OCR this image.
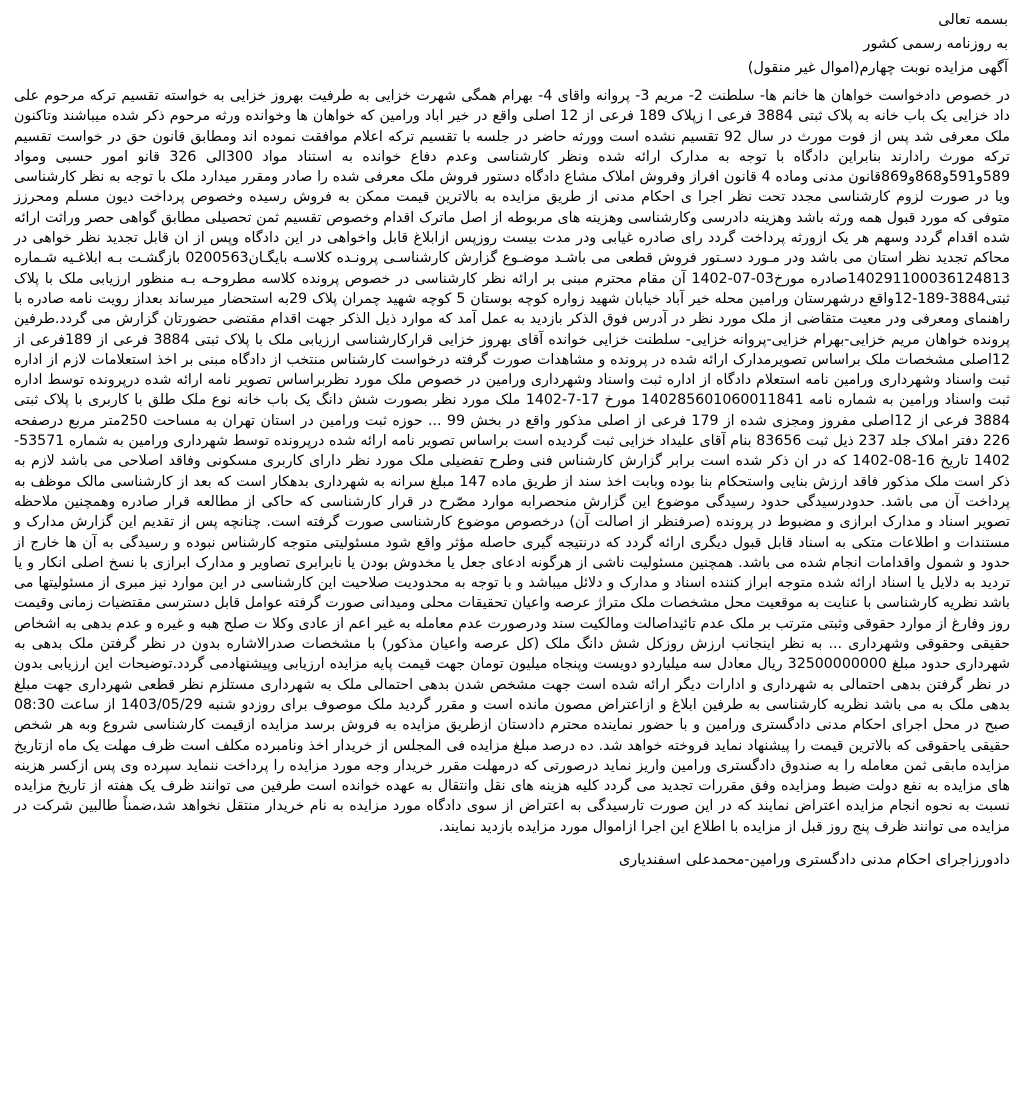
بسمه تعالی

به روزنامه رسمی کشور

آگهی مزایده نوبت چهارم(اموال غیر منقول)

در خصوص دادخواست خواهان ها خانم ها- سلطنت 2- مریم 3- پروانه واقای 4- بهرام همگی شهرت خزایی به طرفیت بهروز خزایی به خواسته تقسیم ترکه مرحوم علی داد خزایی یک باب خانه به پلاک ثبتی 3884 فرعی ا زپلاک 189 فرعی از 12 اصلی واقع در خیر اباد ورامین که خواهان ها وخوانده ورثه مرحوم ذکر شده میباشند وتاکنون ملک معرفی شد پس از فوت مورث در سال 92 تقسیم نشده است وورثه حاضر در جلسه با تقسیم ترکه اعلام موافقت نموده اند ومطابق قانون حق در خواست تقسیم ترکه مورث رادارند بنابراین دادگاه با توجه به مدارک ارائه شده ونظر کارشناسی وعدم دفاع خوانده به استناد مواد 300الی 326 قانو امور حسبی ومواد 589و591و868و869قانون مدنی وماده 4 قانون افراز وفروش املاک مشاع دادگاه دستور فروش ملک معرفی شده را صادر ومقرر میدارد ملک با توجه به نظر کارشناسی ویا در صورت لزوم کارشناسی مجدد تحت نظر اجرا ی احکام مدنی از طریق مزایده به بالاترین قیمت ممکن به فروش رسیده وخصوص پرداخت دیون مسلم ومحرزز متوفی که مورد قبول همه ورثه باشد وهزینه دادرسی وکارشناسی وهزینه های مربوطه از اصل ماترک اقدام وخصوص تقسیم ثمن تحصیلی مطابق گواهی حصر وراثت ارائه شده اقدام گردد وسهم هر یک ازورثه پرداخت گردد رای صادره غیابی ودر مدت بیست روزپس ازابلاغ قابل واخواهی در این دادگاه وپس از ان قابل تجدید نظر خواهی در محاکم تجدید نظر استان می باشد ودر مـورد دسـتور فروش قطعی می باشـد موضـوع گزارش کارشناسـی پرونـده کلاسـه بایگـان0200563 بازگشـت بـه ابلاغـیه شـماره 140291100036124813صادره مورخ03-07-1402 آن مقام محترم مبنی بر ارائه نظر کارشناسی در خصوص پرونده کلاسه مطروحـه بـه منظور ارزیابی ملک با پلاک ثبتی3884-189-12واقع درشهرستان ورامین محله خیر آباد خیابان شهید زواره کوچه بوستان 5 کوچه شهید چمران پلاک 29به استحضار میرساند بعداز رویت نامه صادره با راهنمای ومعرفی ودر معیت متقاضی از ملک مورد نظر در آدرس فوق الذکر بازدید به عمل آمد که موارد ذیل الذکر جهت اقدام مقتضی حضورتان گزارش می گردد.طرفین پرونده خواهان مریم خزایی-بهرام خزایی-پروانه خزایی- سلطنت خزایی خوانده آقای بهروز خزایی قرارکارشناسی ارزیابی ملک با پلاک ثبتی 3884 فرعی از 189فرعی از 12اصلی مشخصات ملک براساس تصویرمدارک ارائه شده در پرونده و مشاهدات صورت گرفته درخواست کارشناس منتخب از دادگاه مبنی بر اخذ استعلامات لازم از اداره ثبت واسناد وشهرداری ورامین نامه استعلام دادگاه از اداره ثبت واسناد وشهرداری ورامین در خصوص ملک مورد نظربراساس تصویر نامه ارائه شده درپرونده توسط اداره ثبت واسناد ورامین به شماره نامه 140285601060011841 مورخ 17-7-1402 ملک مورد نظر بصورت شش دانگ یک باب خانه نوع ملک طلق با کاربری با پلاک ثبتی 3884 فرعی از 12اصلی مفروز ومجزی شده از 179 فرعی از اصلی مذکور واقع در بخش 99 ... حوزه ثبت ورامین در استان تهران به مساحت 250متر مربع درصفحه 226 دفتر املاک جلد 237 ذیل ثبت 83656 بنام آقای علیداد خزایی ثبت گردیده است براساس تصویر نامه ارائه شده درپرونده توسط شهرداری ورامین به شماره 53571-1402 تاریخ 16-08-1402 که در ان ذکر شده است برابر گزارش کارشناس فنی وطرح تفضیلی ملک مورد نظر دارای کاربری مسکونی وفاقد اصلاحی می باشد لازم به ذکر است ملک مذکور فاقد ارزش بنایی واستحکام بنا بوده وبابت اخذ سند از طریق ماده 147 مبلغ سرانه به شهرداری بدهکار است که بعد از کارشناسی مالک موظف به پرداخت آن می باشد. حدودرسیدگی حدود رسیدگی موضوع این گزارش منحصرابه موارد مصّرح در قرار کارشناسی که حاکی از مطالعه قرار صادره وهمچنین ملاحظه تصویر اسناد و مدارک ابرازی و مضبوط در پرونده (صرفنظر از اصالت آن) درخصوص موضوع کارشناسی صورت گرفته است. چنانچه پس از تقدیم این گزارش مدارک و مستندات و اطلاعات متکی به اسناد قابل قبول دیگری ارائه گردد که درنتیجه گیری حاصله مؤثر واقع شود مسئولیتی متوجه کارشناس نبوده و رسیدگی به آن ها خارج از حدود و شمول واقدامات انجام شده می باشد. همچنین مسئولیت ناشی از هرگونه ادعای جعل یا مخدوش بودن یا نابرابری تصاویر و مدارک ابرازی با نسخ اصلی انکار و یا تردید به دلایل یا اسناد ارائه شده متوجه ابراز کننده اسناد و مدارک و دلائل میباشد و با توجه به محدودیت صلاحیت این کارشناسی در این موارد نیز مبری از مسئولیتها می باشد نظریه کارشناسی با عنایت به موقعیت محل مشخصات ملک متراژ عرصه واعیان تحقیقات محلی ومیدانی صورت گرفته عوامل قابل دسترسی مقتضیات زمانی وقیمت روز وفارغ از موارد حقوقی وثبتی مترتب بر ملک عدم تائیداصالت ومالکیت سند ودرصورت عدم معامله به غیر اعم از عادی وکلا ت صلح هبه و غیره و عدم بدهی به اشخاص حقیقی وحقوقی وشهرداری ... به نظر اینجانب ارزش روزکل شش دانگ ملک (کل عرصه واعیان مذکور) با مشخصات صدرالاشاره بدون در نظر گرفتن ملک بدهی به شهرداری حدود مبلغ 32500000000 ریال معادل سه میلیاردو دویست وپنجاه میلیون تومان جهت قیمت پایه مزایده ارزیابی وپیشنهادمی گردد.توضیحات این ارزیابی بدون در نظر گرفتن بدهی احتمالی به شهرداری و ادارات دیگر ارائه شده است جهت مشخص شدن بدهی احتمالی ملک به شهرداری مستلزم نظر قطعی شهرداری جهت مبلغ بدهی ملک به می باشد نظریه کارشناسی به طرفین ابلاغ و ازاعتراض مصون مانده است و مقرر گردید ملک موصوف برای روزدو شنبه 1403/05/29 از ساعت 08:30 صبح در محل اجرای احکام مدنی دادگستری ورامین و با حضور نماینده محترم دادستان ازطریق مزایده به فروش برسد مزایده ازقیمت کارشناسی شروع وبه هر شخص حقیقی یاحقوقی که بالاترین قیمت را پیشنهاد نماید فروخته خواهد شد. ده درصد مبلغ مزایده فی المجلس از خریدار اخذ ونامبرده مکلف است ظرف مهلت یک ماه ازتاریخ مزایده مابقی ثمن معامله را به صندوق دادگستری ورامین واریز نماید درصورتی که درمهلت مقرر خریدار وجه مورد مزایده را پرداخت ننماید سپرده وی پس ازکسر هزینه های مزایده به نفع دولت ضبط ومزایده وفق مقررات تجدید می گردد کلیه هزینه های نقل وانتقال به عهده خوانده است طرفین می توانند ظرف یک هفته از تاریخ مزایده نسبت به نحوه انجام مزایده اعتراض نمایند که در این صورت تارسیدگی به اعتراض از سوی دادگاه مورد مزایده به نام خریدار منتقل نخواهد شد،ضمناً طالبین شرکت در مزایده می توانند ظرف پنج روز قبل از مزایده با اطلاع این اجرا ازاموال مورد مزایده بازدید نمایند.

دادورزاجرای احکام مدنی دادگستری ورامین-محمدعلی اسفندیاری
